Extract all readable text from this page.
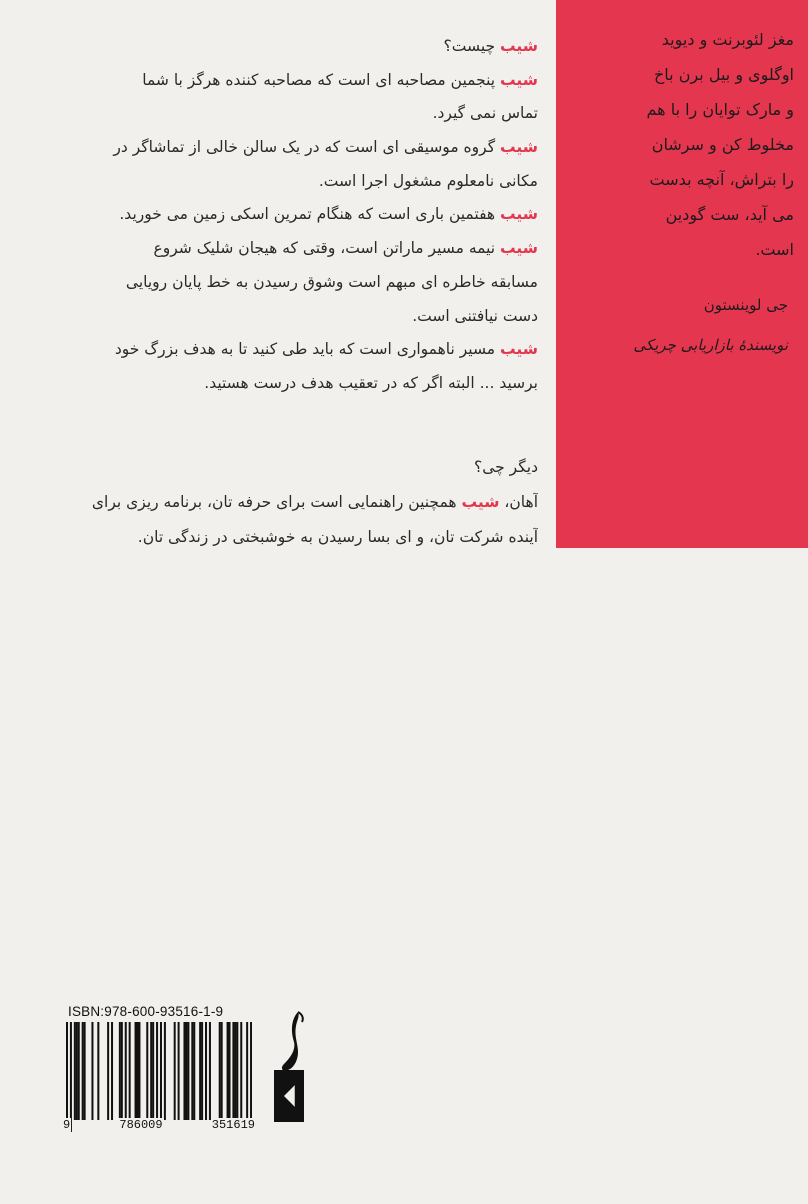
مغز لئوبرنت و دیوید
اوگلوی و بیل برن باخ
و مارک توایان را با هم
مخلوط کن و سرشان
را بتراش، آنچه بدست
می آید، ست گودین
است.
جی لوینستون
نویسندهٔ بازاریابی چریکی
شیب چیست؟
شیب پنجمین مصاحبه ای است که مصاحبه کننده هرگز با شما
تماس نمی گیرد.
شیب گروه موسیقی ای است که در یک سالن خالی از تماشاگر در
مکانی نامعلوم مشغول اجرا است.
شیب هفتمین باری است که هنگام تمرین اسکی زمین می خورید.
شیب نیمه مسیر ماراتن است، وقتی که هیجان شلیک شروع
مسابقه خاطره ای مبهم است وشوق رسیدن به خط پایان رویایی
دست نیافتنی است.
شیب مسیر ناهمواری است که باید طی کنید تا به هدف بزرگ خود
برسید ... البته اگر که در تعقیب هدف درست هستید.
دیگر چی؟
آهان، شیب همچنین راهنمایی است برای حرفه تان، برنامه ریزی برای
آینده شرکت تان، و ای بسا رسیدن به خوشبختی در زندگی تان.
ISBN:978-600-93516-1-9
9	786009	351619
◢◣
